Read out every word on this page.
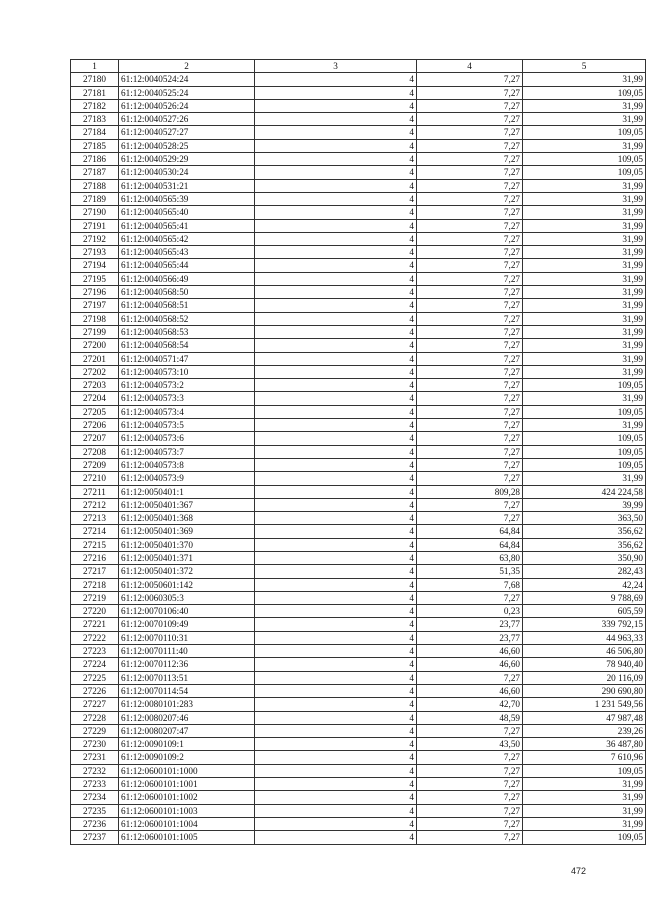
1	2	3	4	5
27180	61:12:0040524:24	4	7,27	31,99
27181	61:12:0040525:24	4	7,27	109,05
27182	61:12:0040526:24	4	7,27	31,99
27183	61:12:0040527:26	4	7,27	31,99
27184	61:12:0040527:27	4	7,27	109,05
27185	61:12:0040528:25	4	7,27	31,99
27186	61:12:0040529:29	4	7,27	109,05
27187	61:12:0040530:24	4	7,27	109,05
27188	61:12:0040531:21	4	7,27	31,99
27189	61:12:0040565:39	4	7,27	31,99
27190	61:12:0040565:40	4	7,27	31,99
27191	61:12:0040565:41	4	7,27	31,99
27192	61:12:0040565:42	4	7,27	31,99
27193	61:12:0040565:43	4	7,27	31,99
27194	61:12:0040565:44	4	7,27	31,99
27195	61:12:0040566:49	4	7,27	31,99
27196	61:12:0040568:50	4	7,27	31,99
27197	61:12:0040568:51	4	7,27	31,99
27198	61:12:0040568:52	4	7,27	31,99
27199	61:12:0040568:53	4	7,27	31,99
27200	61:12:0040568:54	4	7,27	31,99
27201	61:12:0040571:47	4	7,27	31,99
27202	61:12:0040573:10	4	7,27	31,99
27203	61:12:0040573:2	4	7,27	109,05
27204	61:12:0040573:3	4	7,27	31,99
27205	61:12:0040573:4	4	7,27	109,05
27206	61:12:0040573:5	4	7,27	31,99
27207	61:12:0040573:6	4	7,27	109,05
27208	61:12:0040573:7	4	7,27	109,05
27209	61:12:0040573:8	4	7,27	109,05
27210	61:12:0040573:9	4	7,27	31,99
27211	61:12:0050401:1	4	809,28	424 224,58
27212	61:12:0050401:367	4	7,27	39,99
27213	61:12:0050401:368	4	7,27	363,50
27214	61:12:0050401:369	4	64,84	356,62
27215	61:12:0050401:370	4	64,84	356,62
27216	61:12:0050401:371	4	63,80	350,90
27217	61:12:0050401:372	4	51,35	282,43
27218	61:12:0050601:142	4	7,68	42,24
27219	61:12:0060305:3	4	7,27	9 788,69
27220	61:12:0070106:40	4	0,23	605,59
27221	61:12:0070109:49	4	23,77	339 792,15
27222	61:12:0070110:31	4	23,77	44 963,33
27223	61:12:0070111:40	4	46,60	46 506,80
27224	61:12:0070112:36	4	46,60	78 940,40
27225	61:12:0070113:51	4	7,27	20 116,09
27226	61:12:0070114:54	4	46,60	290 690,80
27227	61:12:0080101:283	4	42,70	1 231 549,56
27228	61:12:0080207:46	4	48,59	47 987,48
27229	61:12:0080207:47	4	7,27	239,26
27230	61:12:0090109:1	4	43,50	36 487,80
27231	61:12:0090109:2	4	7,27	7 610,96
27232	61:12:0600101:1000	4	7,27	109,05
27233	61:12:0600101:1001	4	7,27	31,99
27234	61:12:0600101:1002	4	7,27	31,99
27235	61:12:0600101:1003	4	7,27	31,99
27236	61:12:0600101:1004	4	7,27	31,99
27237	61:12:0600101:1005	4	7,27	109,05
472
